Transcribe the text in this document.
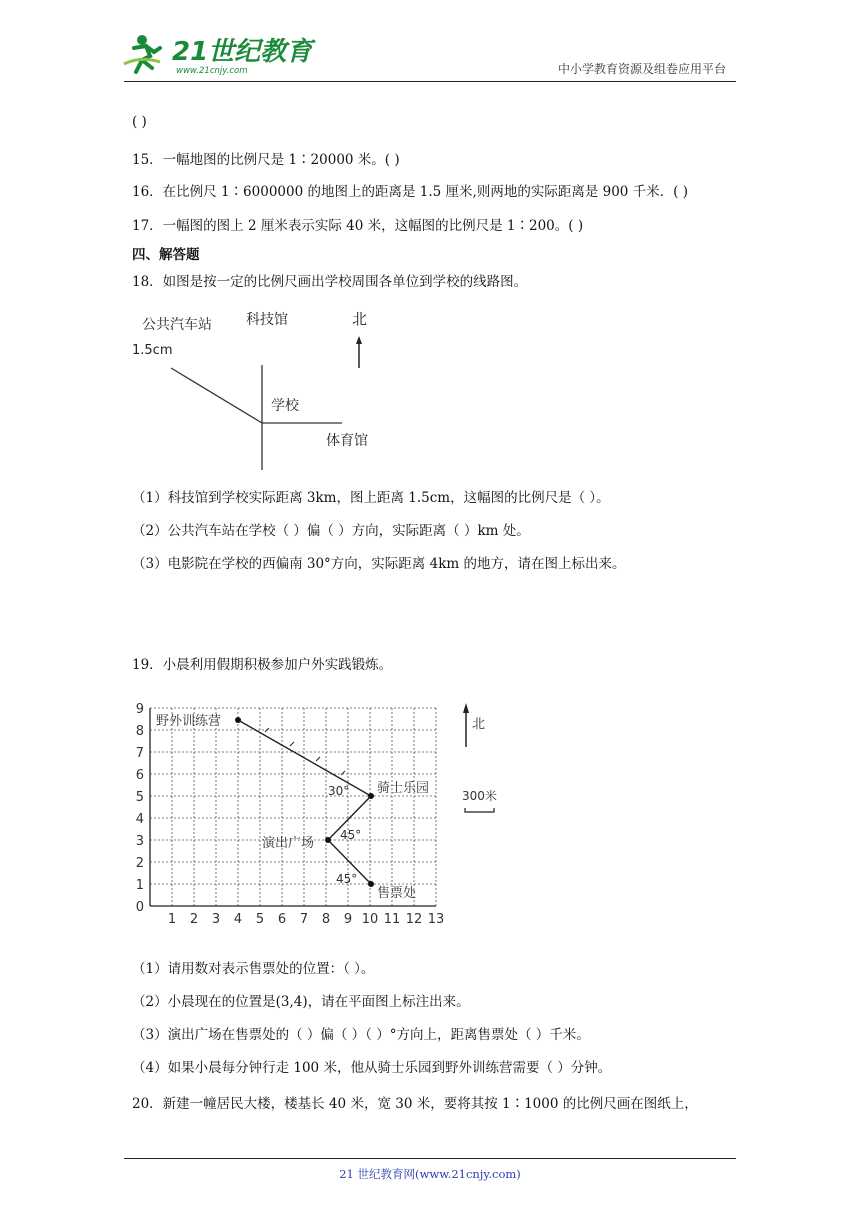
21世纪教育
www.21cnjy.com	中小学教育资源及组卷应用平台
( )
15．一幅地图的比例尺是 1∶20000 米。( )
16．在比例尺 1∶6000000 的地图上的距离是 1.5 厘米,则两地的实际距离是 900 千米．( )
17．一幅图的图上 2 厘米表示实际 40 米，这幅图的比例尺是 1∶200。( )
四、解答题
18．如图是按一定的比例尺画出学校周围各单位到学校的线路图。
公共汽车站
1.5cm
科技馆	北
学校
体育馆
（1）科技馆到学校实际距离 3km，图上距离 1.5cm，这幅图的比例尺是（ ）。
（2）公共汽车站在学校（ ）偏（ ）方向，实际距离（ ）km 处。
（3）电影院在学校的西偏南 30°方向，实际距离 4km 的地方，请在图上标出来。
19．小晨利用假期积极参加户外实践锻炼。
1 2 3 4 5 6 7 8 9 10 11 12 13
0
1
2
3
4
5
6
7
8
9
野外训练营
骑士乐园
演出广场
售票处
30°
45°
45°
北
300米
（1）请用数对表示售票处的位置：（ ）。
（2）小晨现在的位置是(3,4)，请在平面图上标注出来。
（3）演出广场在售票处的（ ）偏（ ）（ ）°方向上，距离售票处（ ）千米。
（4）如果小晨每分钟行走 100 米，他从骑士乐园到野外训练营需要（ ）分钟。
20．新建一幢居民大楼，楼基长 40 米，宽 30 米，要将其按 1∶1000 的比例尺画在图纸上，
21 世纪教育网(www.21cnjy.com)
